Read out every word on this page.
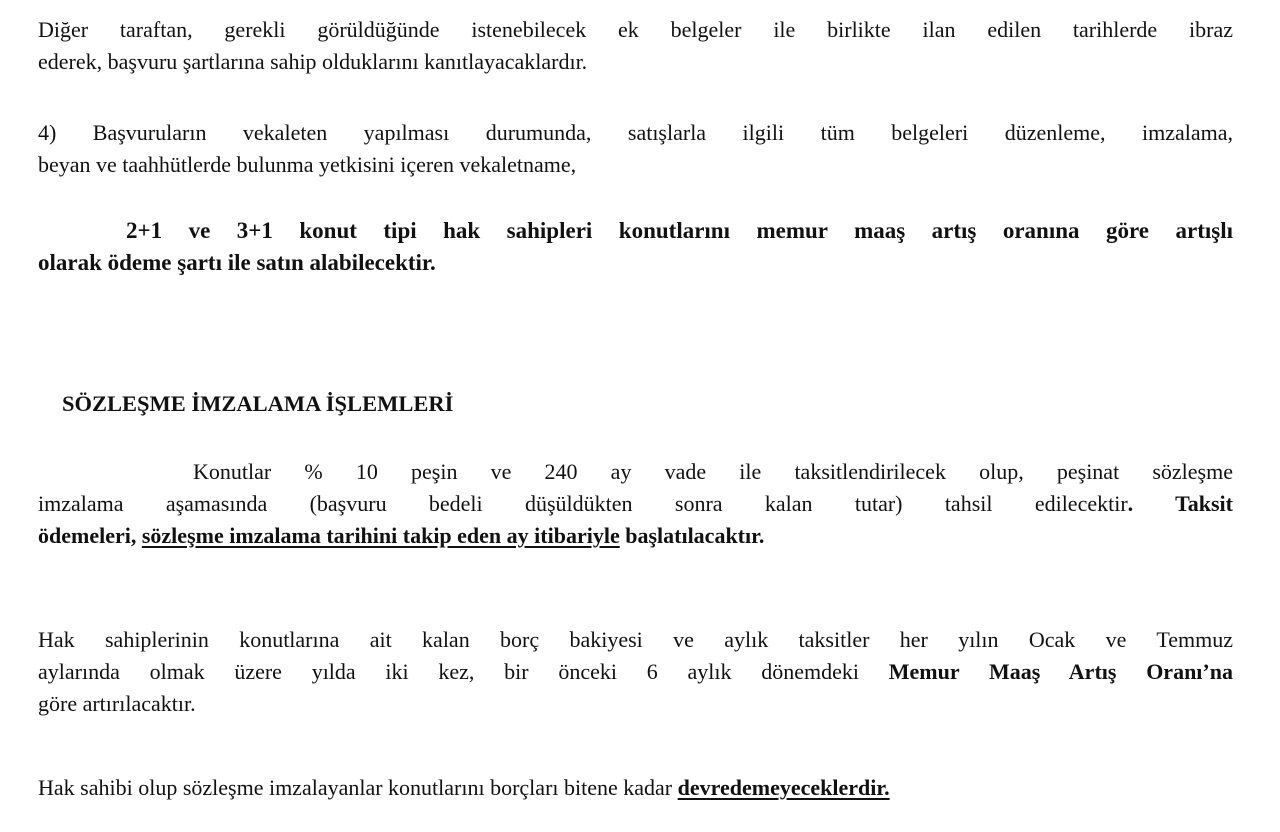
Diğer taraftan, gerekli görüldüğünde istenebilecek ek belgeler ile birlikte ilan edilen tarihlerde ibraz
ederek, başvuru şartlarına sahip olduklarını kanıtlayacaklardır.

4) Başvuruların vekaleten yapılması durumunda, satışlarla ilgili tüm belgeleri düzenleme, imzalama,
beyan ve taahhütlerde bulunma yetkisini içeren vekaletname,

2+1 ve 3+1 konut tipi hak sahipleri konutlarını memur maaş artış oranına göre artışlı
olarak ödeme şartı ile satın alabilecektir.

SÖZLEŞME İMZALAMA İŞLEMLERİ

Konutlar % 10 peşin ve 240 ay vade ile taksitlendirilecek olup, peşinat sözleşme
imzalama aşamasında (başvuru bedeli düşüldükten sonra kalan tutar) tahsil edilecektir. Taksit
ödemeleri, sözleşme imzalama tarihini takip eden ay itibariyle başlatılacaktır.

Hak sahiplerinin konutlarına ait kalan borç bakiyesi ve aylık taksitler her yılın Ocak ve Temmuz
aylarında olmak üzere yılda iki kez, bir önceki 6 aylık dönemdeki Memur Maaş Artış Oranı’na
göre artırılacaktır.

Hak sahibi olup sözleşme imzalayanlar konutlarını borçları bitene kadar devredemeyeceklerdir.
